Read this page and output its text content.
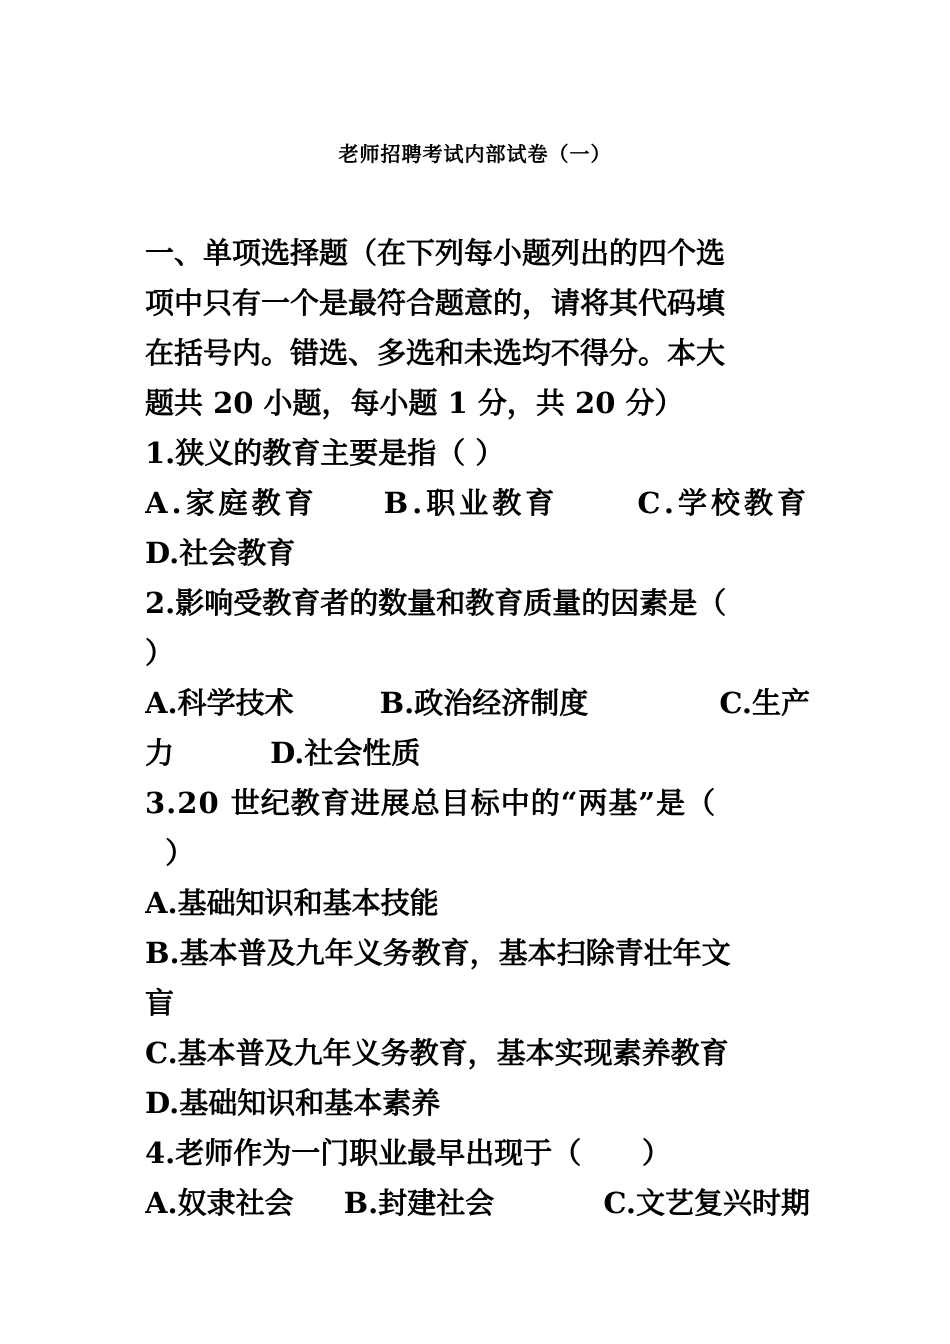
老师招聘考试内部试卷（一）
一、单项选择题（在下列每小题列出的四个选
项中只有一个是最符合题意的，请将其代码填
在括号内。错选、多选和未选均不得分。本大
题共 20 小题，每小题 1 分，共 20 分）
1.狭义的教育主要是指（ ）
A.家庭教育 B.职业教育	C.学校教育
D.社会教育
2.影响受教育者的数量和教育质量的因素是（
）
A.科学技术	B.政治经济制度	C.生产
力	D.社会性质
3.20 世纪教育进展总目标中的“两基”是（
）
A.基础知识和基本技能
B.基本普及九年义务教育，基本扫除青壮年文
盲
C.基本普及九年义务教育，基本实现素养教育
D.基础知识和基本素养
4.老师作为一门职业最早出现于（      ）
A.奴隶社会 B.封建社会	C.文艺复兴时期
